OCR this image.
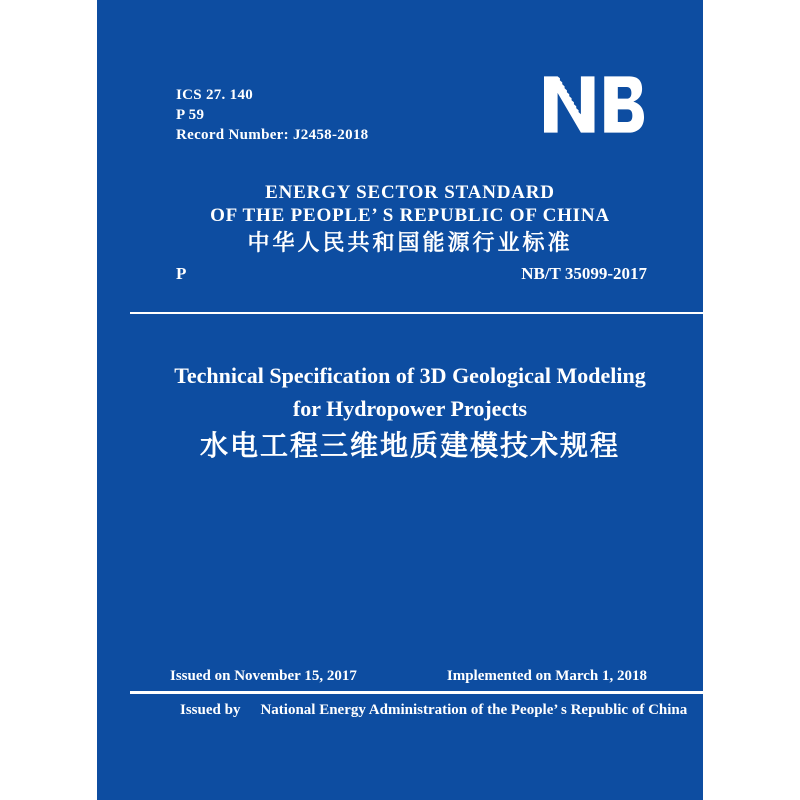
ICS 27. 140
P 59
Record Number: J2458-2018
ENERGY SECTOR STANDARD
OF THE PEOPLE’ S REPUBLIC OF CHINA
中华人民共和国能源行业标准
P	NB/T 35099-2017
Technical Specification of 3D Geological Modeling
for Hydropower Projects
水电工程三维地质建模技术规程
Issued on November 15, 2017	Implemented on March 1, 2018
Issued by National Energy Administration of the People’ s Republic of China
